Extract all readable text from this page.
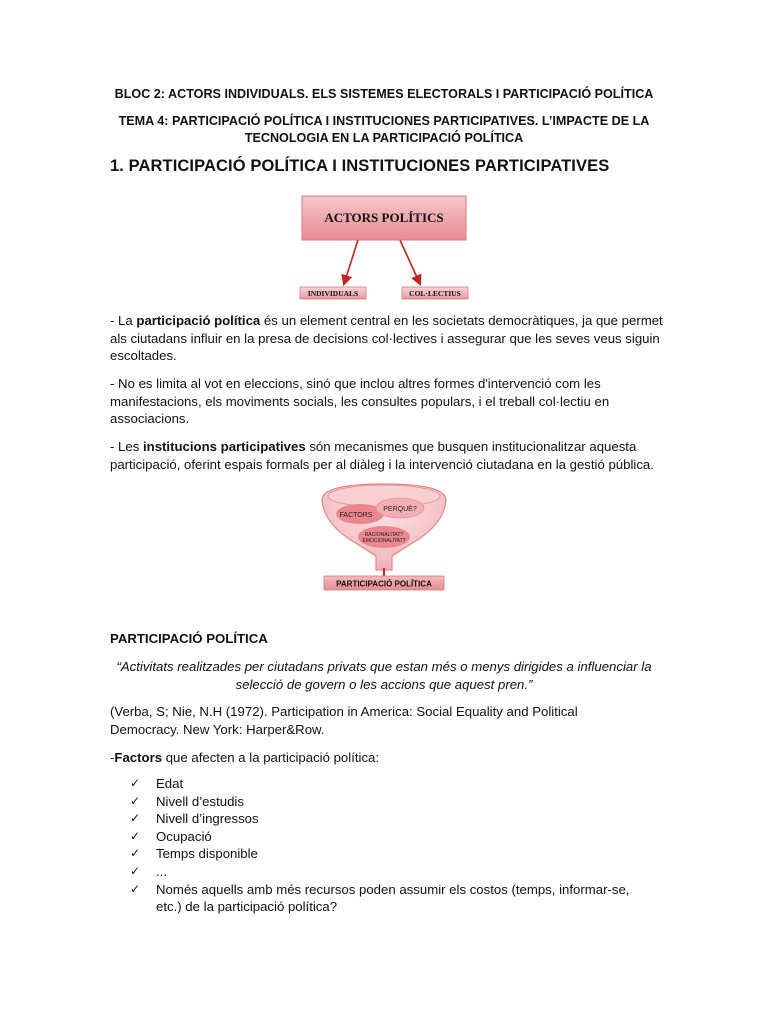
BLOC 2: ACTORS INDIVIDUALS. ELS SISTEMES ELECTORALS I PARTICIPACIÓ POLÍTICA
TEMA 4: PARTICIPACIÓ POLÍTICA I INSTITUCIONES PARTICIPATIVES. L’IMPACTE DE LA
TECNOLOGIA EN LA PARTICIPACIÓ POLÍTICA
1. PARTICIPACIÓ POLÍTICA I INSTITUCIONES PARTICIPATIVES
ACTORS POLÍTICS
INDIVIDUALS	COL·LECTIUS
- La participació política és un element central en les societats democràtiques, ja que permet als ciutadans influir en la presa de decisions col·lectives i assegurar que les seves veus siguin escoltades.
- No es limita al vot en eleccions, sinó que inclou altres formes d'intervenció com les manifestacions, els moviments socials, les consultes populars, i el treball col·lectiu en associacions.
- Les institucions participatives són mecanismes que busquen institucionalitzar aquesta participació, oferint espais formals per al diàleg i la intervenció ciutadana en la gestió pública.
FACTORS
PERQUÈ?
RACIONALITAT?
EMOCIONALITAT?
PARTICIPACIÓ POLÍTICA
PARTICIPACIÓ POLÍTICA
“Activitats realitzades per ciutadans privats que estan més o menys dirigides a influenciar la selecció de govern o les accions que aquest pren.”
(Verba, S; Nie, N.H (1972). Participation in America: Social Equality and Political Democracy. New York: Harper&Row.
-Factors que afecten a la participació política:
✓ Edat
✓ Nivell d’estudis
✓ Nivell d’ingressos
✓ Ocupació
✓ Temps disponible
✓ ...
✓ Només aquells amb més recursos poden assumir els costos (temps, informar-se, etc.) de la participació política?
